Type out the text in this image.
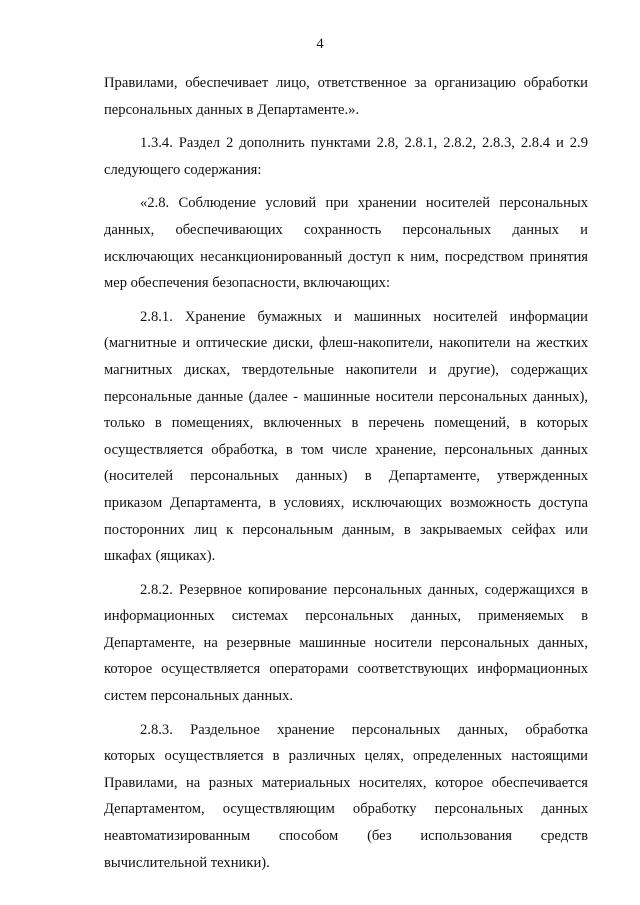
4
Правилами, обеспечивает лицо, ответственное за организацию обработки
персональных данных в Департаменте.».
1.3.4. Раздел 2 дополнить пунктами 2.8, 2.8.1, 2.8.2, 2.8.3, 2.8.4 и 2.9
следующего содержания:
«2.8. Соблюдение условий при хранении носителей персональных
данных, обеспечивающих сохранность персональных данных и
исключающих несанкционированный доступ к ним, посредством принятия
мер обеспечения безопасности, включающих:
2.8.1. Хранение бумажных и машинных носителей информации
(магнитные и оптические диски, флеш-накопители, накопители на жестких
магнитных дисках, твердотельные накопители и другие), содержащих
персональные данные (далее - машинные носители персональных данных),
только в помещениях, включенных в перечень помещений, в которых
осуществляется обработка, в том числе хранение, персональных данных
(носителей персональных данных) в Департаменте, утвержденных
приказом Департамента, в условиях, исключающих возможность доступа
посторонних лиц к персональным данным, в закрываемых сейфах или
шкафах (ящиках).
2.8.2. Резервное копирование персональных данных, содержащихся в
информационных системах персональных данных, применяемых в
Департаменте, на резервные машинные носители персональных данных,
которое осуществляется операторами соответствующих информационных
систем персональных данных.
2.8.3. Раздельное хранение персональных данных, обработка
которых осуществляется в различных целях, определенных настоящими
Правилами, на разных материальных носителях, которое обеспечивается
Департаментом, осуществляющим обработку персональных данных
неавтоматизированным способом (без использования средств
вычислительной техники).
